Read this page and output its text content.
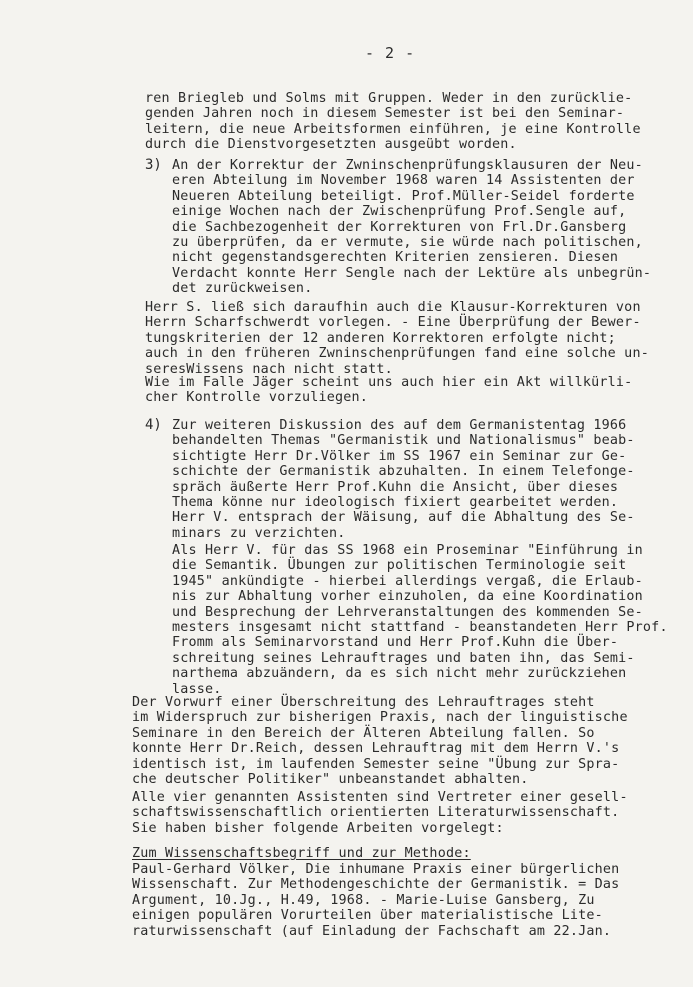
- 2 -
ren Briegleb und Solms mit Gruppen. Weder in den zurücklie-
genden Jahren noch in diesem Semester ist bei den Seminar-
leitern, die neue Arbeitsformen einführen, je eine Kontrolle
durch die Dienstvorgesetzten ausgeübt worden.
3) An der Korrektur der Zwninschenprüfungsklausuren der Neu-
eren Abteilung im November 1968 waren 14 Assistenten der
Neueren Abteilung beteiligt. Prof.Müller-Seidel forderte
einige Wochen nach der Zwischenprüfung Prof.Sengle auf,
die Sachbezogenheit der Korrekturen von Frl.Dr.Gansberg
zu überprüfen, da er vermute, sie würde nach politischen,
nicht gegenstandsgerechten Kriterien zensieren. Diesen
Verdacht konnte Herr Sengle nach der Lektüre als unbegrün-
det zurückweisen.
Herr S. ließ sich daraufhin auch die Klausur-Korrekturen von
Herrn Scharfschwerdt vorlegen. - Eine Überprüfung der Bewer-
tungskriterien der 12 anderen Korrektoren erfolgte nicht;
auch in den früheren Zwninschenprüfungen fand eine solche un-
seresWissens nach nicht statt.
Wie im Falle Jäger scheint uns auch hier ein Akt willkürli-
cher Kontrolle vorzuliegen.
4) Zur weiteren Diskussion des auf dem Germanistentag 1966
behandelten Themas "Germanistik und Nationalismus" beab-
sichtigte Herr Dr.Völker im SS 1967 ein Seminar zur Ge-
schichte der Germanistik abzuhalten. In einem Telefonge-
spräch äußerte Herr Prof.Kuhn die Ansicht, über dieses
Thema könne nur ideologisch fixiert gearbeitet werden.
Herr V. entsprach der Wäisung, auf die Abhaltung des Se-
minars zu verzichten.
Als Herr V. für das SS 1968 ein Proseminar "Einführung in
die Semantik. Übungen zur politischen Terminologie seit
1945" ankündigte - hierbei allerdings vergaß, die Erlaub-
nis zur Abhaltung vorher einzuholen, da eine Koordination
und Besprechung der Lehrveranstaltungen des kommenden Se-
mesters insgesamt nicht stattfand - beanstandeten Herr Prof.
Fromm als Seminarvorstand und Herr Prof.Kuhn die Über-
schreitung seines Lehrauftrages und baten ihn, das Semi-
narthema abzuändern, da es sich nicht mehr zurückziehen
lasse.
Der Vorwurf einer Überschreitung des Lehrauftrages steht
im Widerspruch zur bisherigen Praxis, nach der linguistische
Seminare in den Bereich der Älteren Abteilung fallen. So
konnte Herr Dr.Reich, dessen Lehrauftrag mit dem Herrn V.'s
identisch ist, im laufenden Semester seine "Übung zur Spra-
che deutscher Politiker" unbeanstandet abhalten.
Alle vier genannten Assistenten sind Vertreter einer gesell-
schaftswissenschaftlich orientierten Literaturwissenschaft.
Sie haben bisher folgende Arbeiten vorgelegt:
Zum Wissenschaftsbegriff und zur Methode:
Paul-Gerhard Völker, Die inhumane Praxis einer bürgerlichen
Wissenschaft. Zur Methodengeschichte der Germanistik. = Das
Argument, 10.Jg., H.49, 1968. - Marie-Luise Gansberg, Zu
einigen populären Vorurteilen über materialistische Lite-
raturwissenschaft (auf Einladung der Fachschaft am 22.Jan.
